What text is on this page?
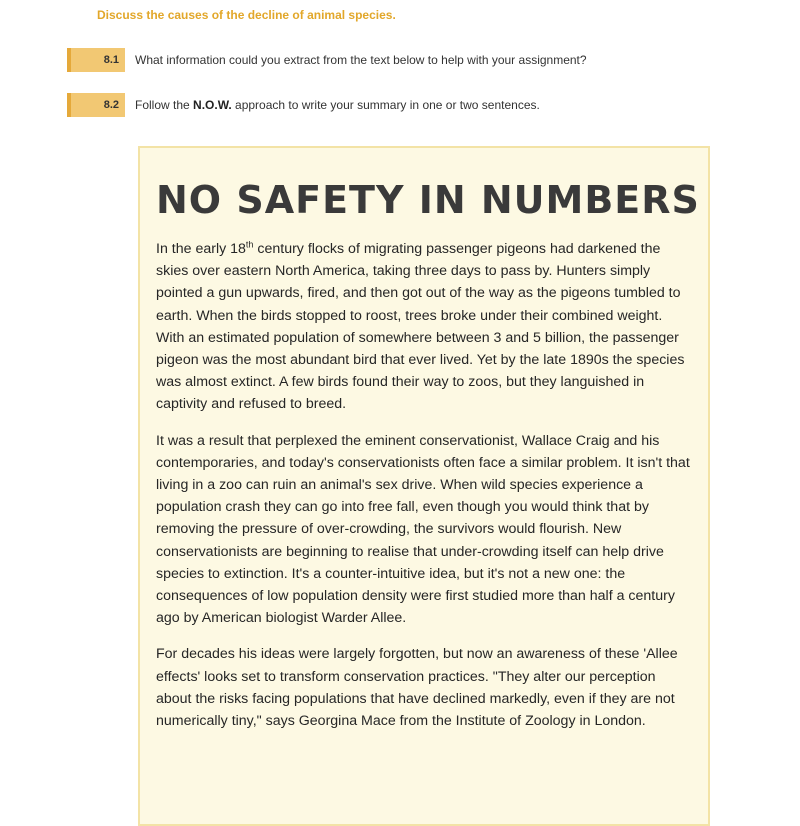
Discuss the causes of the decline of animal species.
8.1 What information could you extract from the text below to help with your assignment?
8.2 Follow the N.O.W. approach to write your summary in one or two sentences.
NO SAFETY IN NUMBERS

In the early 18th century flocks of migrating passenger pigeons had darkened the skies over eastern North America, taking three days to pass by. Hunters simply pointed a gun upwards, fired, and then got out of the way as the pigeons tumbled to earth. When the birds stopped to roost, trees broke under their combined weight. With an estimated population of somewhere between 3 and 5 billion, the passenger pigeon was the most abundant bird that ever lived. Yet by the late 1890s the species was almost extinct. A few birds found their way to zoos, but they languished in captivity and refused to breed.

It was a result that perplexed the eminent conservationist, Wallace Craig and his contemporaries, and today's conservationists often face a similar problem. It isn't that living in a zoo can ruin an animal's sex drive. When wild species experience a population crash they can go into free fall, even though you would think that by removing the pressure of over-crowding, the survivors would flourish. New conservationists are beginning to realise that under-crowding itself can help drive species to extinction. It's a counter-intuitive idea, but it's not a new one: the consequences of low population density were first studied more than half a century ago by American biologist Warder Allee.

For decades his ideas were largely forgotten, but now an awareness of these 'Allee effects' looks set to transform conservation practices. "They alter our perception about the risks facing populations that have declined markedly, even if they are not numerically tiny," says Georgina Mace from the Institute of Zoology in London.
